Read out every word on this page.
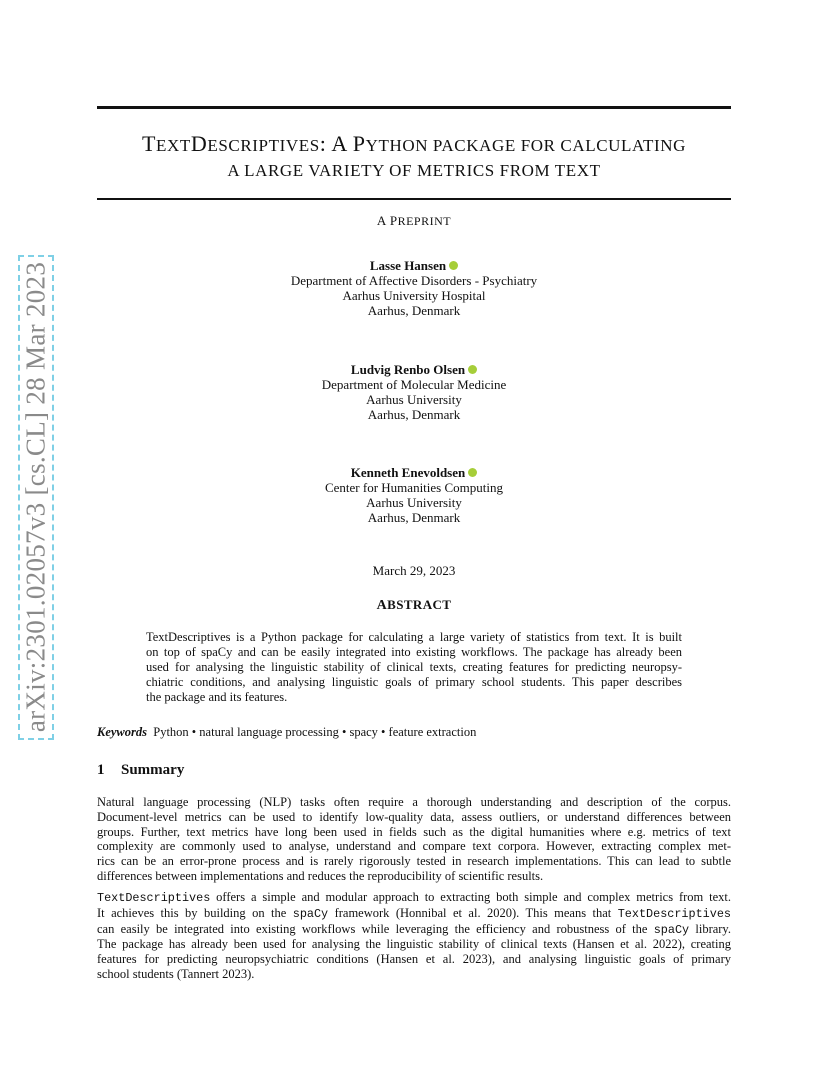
arXiv:2301.02057v3 [cs.CL] 28 Mar 2023
TEXTDESCRIPTIVES: A PYTHON PACKAGE FOR CALCULATING
A LARGE VARIETY OF METRICS FROM TEXT
A PREPRINT
Lasse Hansen
Department of Affective Disorders - Psychiatry
Aarhus University Hospital
Aarhus, Denmark
Ludvig Renbo Olsen
Department of Molecular Medicine
Aarhus University
Aarhus, Denmark
Kenneth Enevoldsen
Center for Humanities Computing
Aarhus University
Aarhus, Denmark
March 29, 2023
ABSTRACT
TextDescriptives is a Python package for calculating a large variety of statistics from text. It is built
on top of spaCy and can be easily integrated into existing workflows. The package has already been
used for analysing the linguistic stability of clinical texts, creating features for predicting neuropsy-
chiatric conditions, and analysing linguistic goals of primary school students. This paper describes
the package and its features.
Keywords Python • natural language processing • spacy • feature extraction
1 Summary
Natural language processing (NLP) tasks often require a thorough understanding and description of the corpus.
Document-level metrics can be used to identify low-quality data, assess outliers, or understand differences between
groups. Further, text metrics have long been used in fields such as the digital humanities where e.g. metrics of text
complexity are commonly used to analyse, understand and compare text corpora. However, extracting complex met-
rics can be an error-prone process and is rarely rigorously tested in research implementations. This can lead to subtle
differences between implementations and reduces the reproducibility of scientific results.
TextDescriptives offers a simple and modular approach to extracting both simple and complex metrics from text.
It achieves this by building on the spaCy framework (Honnibal et al. 2020). This means that TextDescriptives
can easily be integrated into existing workflows while leveraging the efficiency and robustness of the spaCy library.
The package has already been used for analysing the linguistic stability of clinical texts (Hansen et al. 2022), creating
features for predicting neuropsychiatric conditions (Hansen et al. 2023), and analysing linguistic goals of primary
school students (Tannert 2023).
